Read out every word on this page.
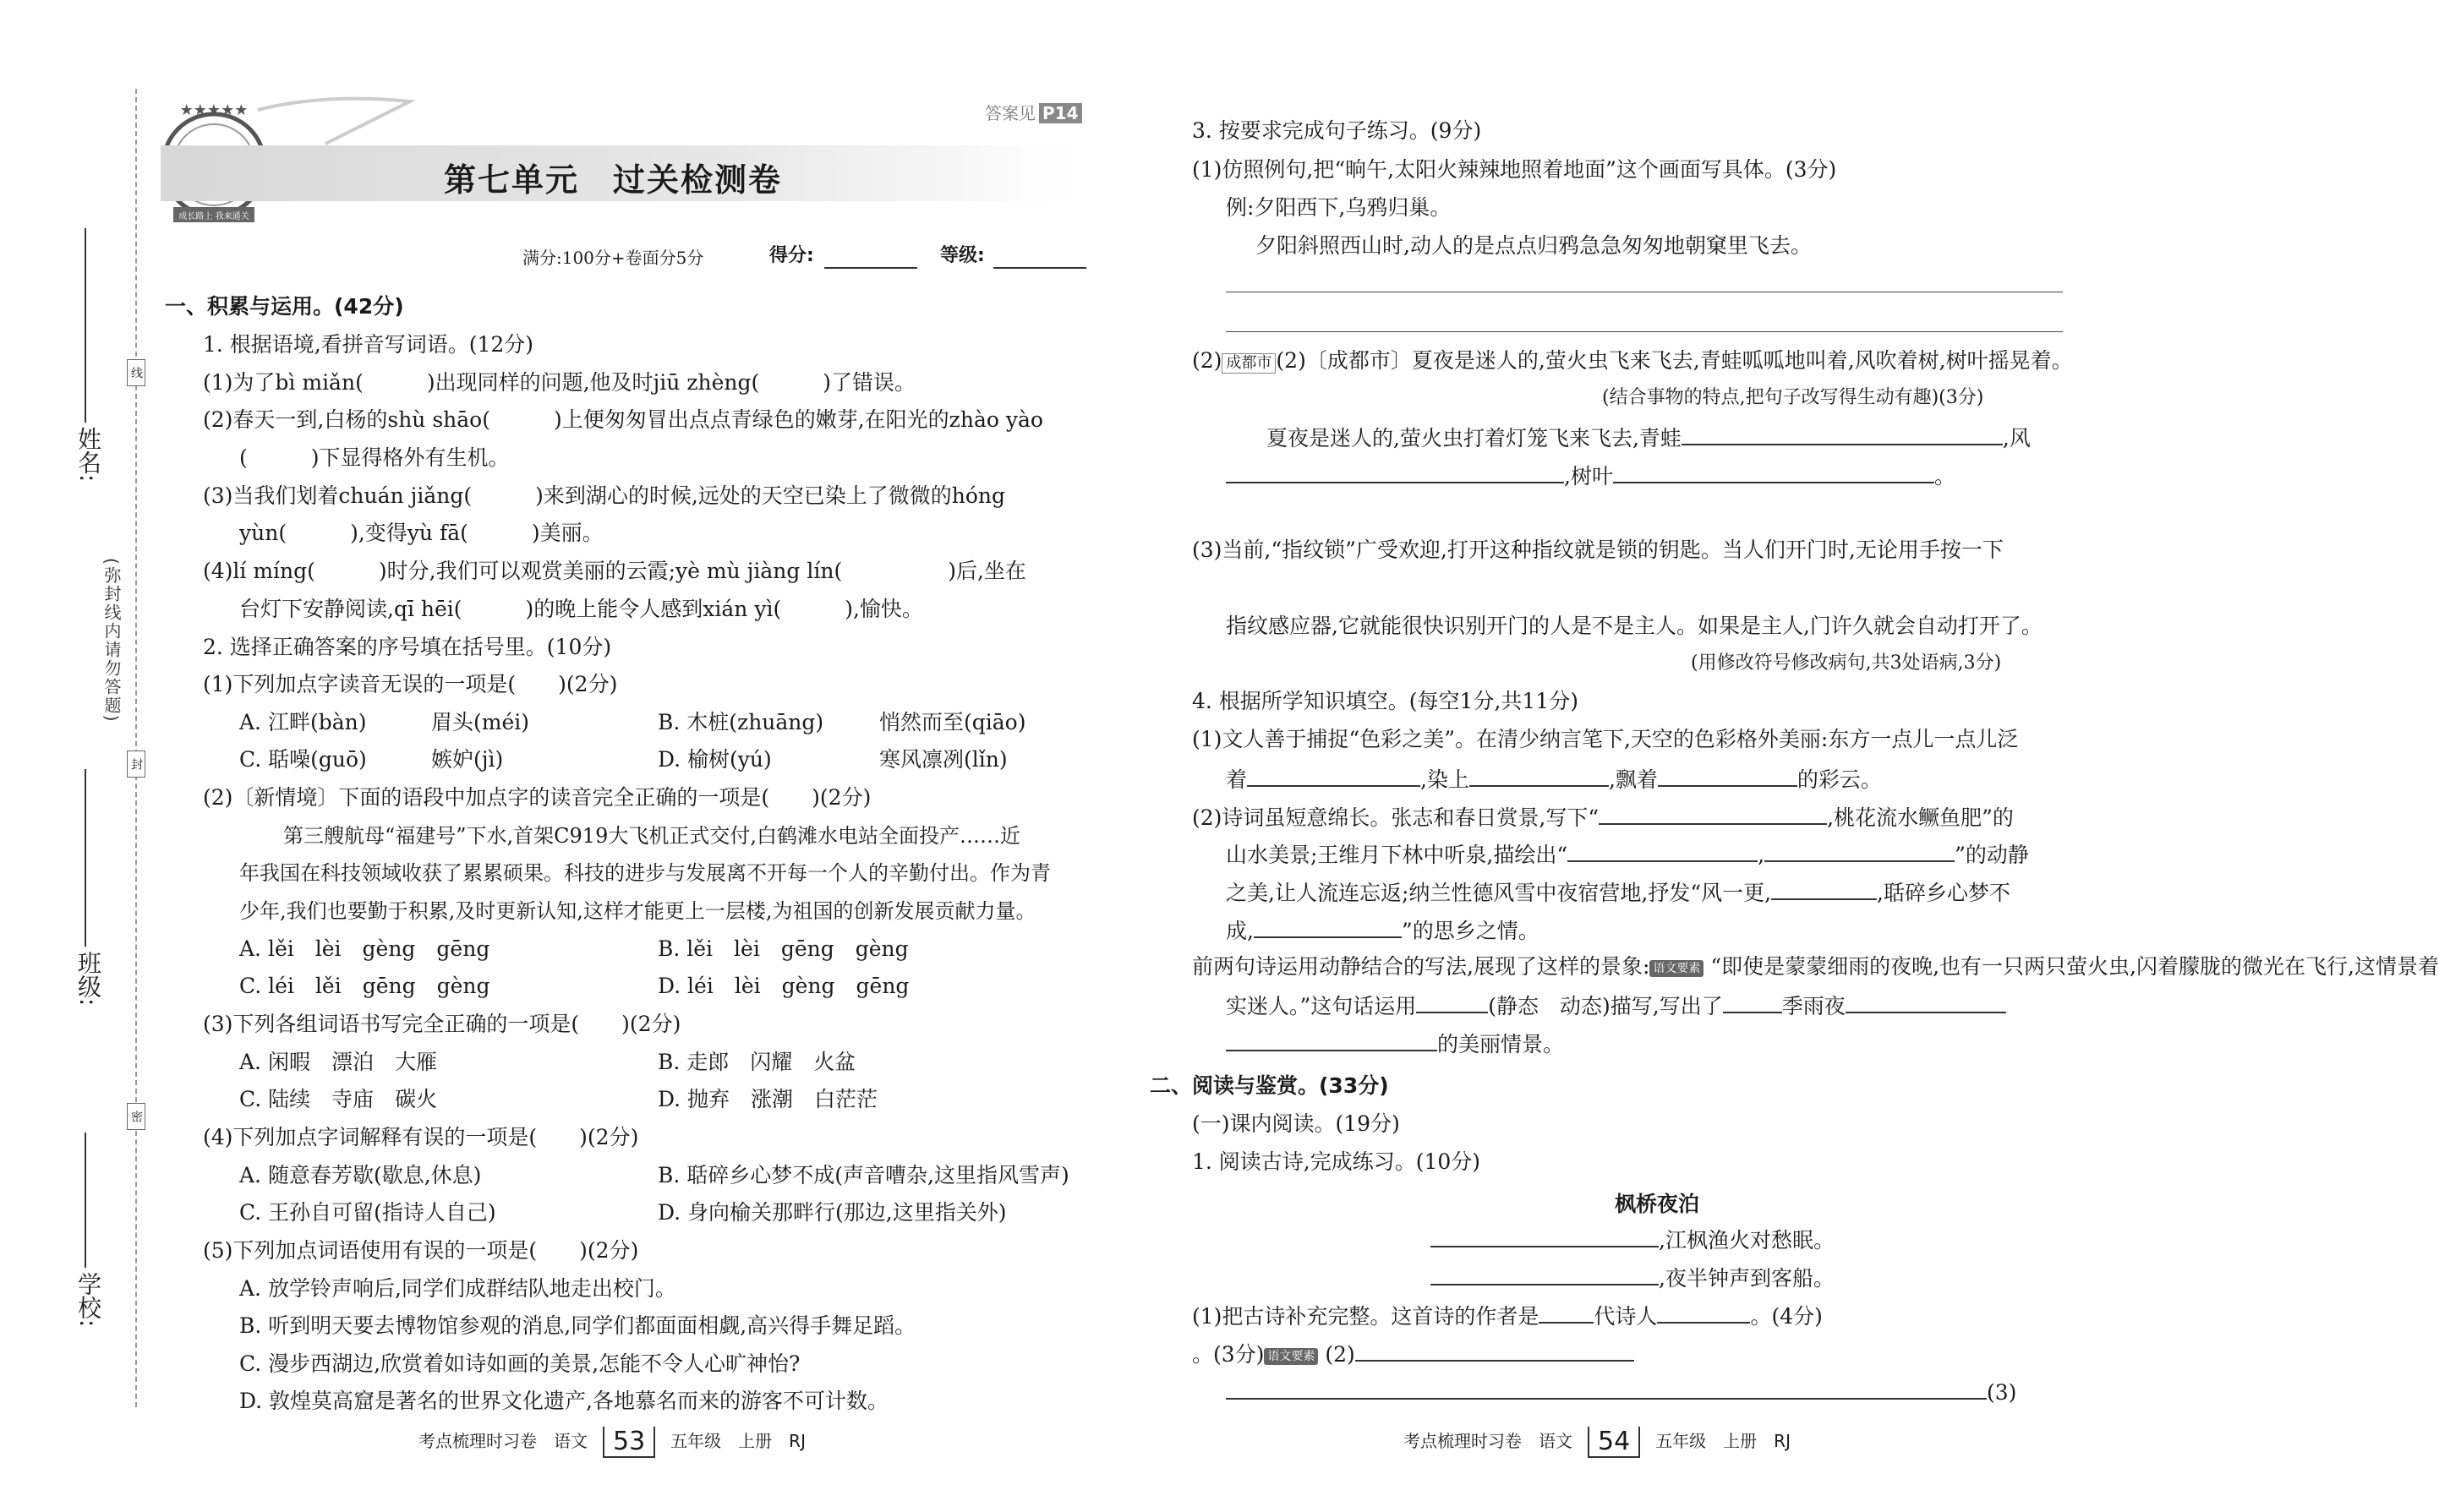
姓名:
班级:
学校:
(弥封线内请勿答题)
线
封
密
成长路上 我来通关
★★★★★	答案见 P14
第七单元　过关检测卷
满分:100分+卷面分5分	得分:	等级:
一、积累与运用。(42分)
1. 根据语境,看拼音写词语。(12分)
(1)为了bì miǎn(　　　)出现同样的问题,他及时jiū zhèng(　　　)了错误。
(2)春天一到,白杨的shù shāo(　　　)上便匆匆冒出点点青绿色的嫩芽,在阳光的zhào yào
(　　　)下显得格外有生机。
(3)当我们划着chuán jiǎng(　　　)来到湖心的时候,远处的天空已染上了微微的hóng
yùn(　　　),变得yù fā(　　　)美丽。
(4)lí míng(　　　)时分,我们可以观赏美丽的云霞;yè mù jiàng lín(　　　　　)后,坐在
台灯下安静阅读,qī hēi(　　　)的晚上能令人感到xián yì(　　　),愉快。
2. 选择正确答案的序号填在括号里。(10分)
(1)下列加点字读音无误的一项是(　　)(2分)
A. 江畔(bàn)	眉头(méi)	B. 木桩(zhuāng)	悄然而至(qiāo)
C. 聒噪(guō)	嫉妒(jì)	D. 榆树(yú)	寒风凛冽(lǐn)
(2)〔新情境〕下面的语段中加点字的读音完全正确的一项是(　　)(2分)
第三艘航母“福建号”下水,首架C919大飞机正式交付,白鹤滩水电站全面投产……近
年我国在科技领域收获了累累硕果。科技的进步与发展离不开每一个人的辛勤付出。作为青
少年,我们也要勤于积累,及时更新认知,这样才能更上一层楼,为祖国的创新发展贡献力量。
A. lěi　lèi　gèng　gēng	B. lěi　lèi　gēng　gèng
C. léi　lěi　gēng　gèng	D. léi　lèi　gèng　gēng
(3)下列各组词语书写完全正确的一项是(　　)(2分)
A. 闲暇　漂泊　大雁	B. 走郎　闪耀　火盆
C. 陆续　寺庙　碳火	D. 抛弃　涨潮　白茫茫
(4)下列加点字词解释有误的一项是(　　)(2分)
A. 随意春芳歇(歇息,休息)	B. 聒碎乡心梦不成(声音嘈杂,这里指风雪声)
C. 王孙自可留(指诗人自己)	D. 身向榆关那畔行(那边,这里指关外)
(5)下列加点词语使用有误的一项是(　　)(2分)
A. 放学铃声响后,同学们成群结队地走出校门。
B. 听到明天要去博物馆参观的消息,同学们都面面相觑,高兴得手舞足蹈。
C. 漫步西湖边,欣赏着如诗如画的美景,怎能不令人心旷神怡?
D. 敦煌莫高窟是著名的世界文化遗产,各地慕名而来的游客不可计数。
考点梳理时习卷　语文 53 五年级　上册　RJ
3. 按要求完成句子练习。(9分)
(1)仿照例句,把“晌午,太阳火辣辣地照着地面”这个画面写具体。(3分)
例:夕阳西下,乌鸦归巢。
夕阳斜照西山时,动人的是点点归鸦急急匆匆地朝窠里飞去。
(2) 成都市 (2)〔成都市〕夏夜是迷人的,萤火虫飞来飞去,青蛙呱呱地叫着,风吹着树,树叶摇晃着。
(结合事物的特点,把句子改写得生动有趣)(3分)
夏夜是迷人的,萤火虫打着灯笼飞来飞去,青蛙	,风
,树叶	。
(3)当前,“指纹锁”广受欢迎,打开这种指纹就是锁的钥匙。当人们开门时,无论用手按一下
指纹感应器,它就能很快识别开门的人是不是主人。如果是主人,门许久就会自动打开了。
(用修改符号修改病句,共3处语病,3分)
4. 根据所学知识填空。(每空1分,共11分)
(1)文人善于捕捉“色彩之美”。在清少纳言笔下,天空的色彩格外美丽:东方一点儿一点儿泛
着	,染上	,飘着	的彩云。
(2)诗词虽短意绵长。张志和春日赏景,写下“	,桃花流水鳜鱼肥”的
山水美景;王维月下林中听泉,描绘出“	,	”的动静
之美,让人流连忘返;纳兰性德风雪中夜宿营地,抒发“风一更,	,聒碎乡心梦不
成,	”的思乡之情。
前两句诗运用动静结合的写法,展现了这样的景象: 语文要素 “即使是蒙蒙细雨的夜晚,也有一只两只萤火虫,闪着朦胧的微光在飞行,这情景着
实迷人。”这句话运用	(静态　动态)描写,写出了	季雨夜
的美丽情景。
二、阅读与鉴赏。(33分)
(一)课内阅读。(19分)
1. 阅读古诗,完成练习。(10分)
枫桥夜泊
,江枫渔火对愁眠。
,夜半钟声到客船。
(1)把古诗补充完整。这首诗的作者是	代诗人	。(4分)
。(3分) 语文要素 (2)
(3)
考点梳理时习卷　语文 54 五年级　上册　RJ
